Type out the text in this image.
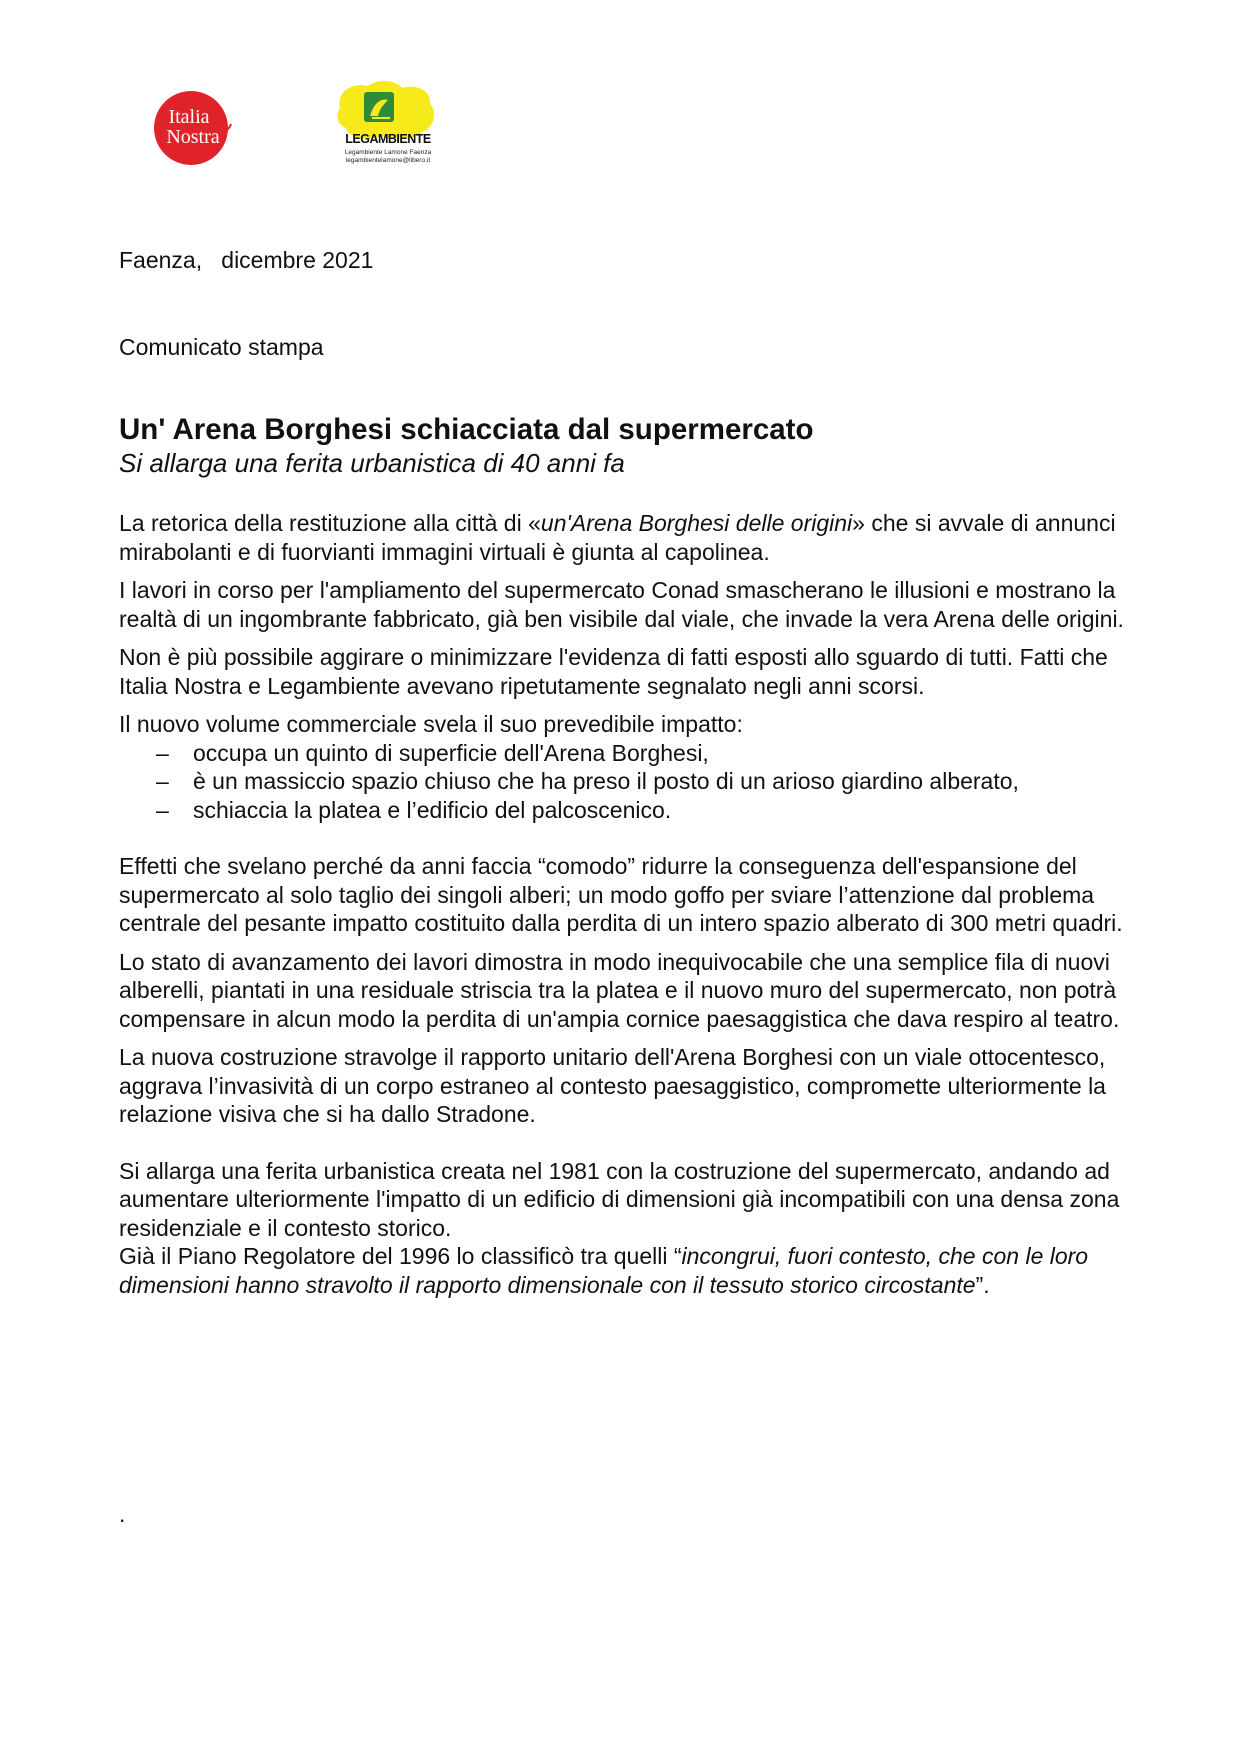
Italia
Nostra	LEGAMBIENTE
Legambiente Lamone Faenza
legambientelamone@libero.it
Faenza, dicembre 2021
Comunicato stampa
Un' Arena Borghesi schiacciata dal supermercato
Si allarga una ferita urbanistica di 40 anni fa

La retorica della restituzione alla città di «un'Arena Borghesi delle origini» che si avvale di annunci mirabolanti e di fuorvianti immagini virtuali è giunta al capolinea.

I lavori in corso per l'ampliamento del supermercato Conad smascherano le illusioni e mostrano la realtà di un ingombrante fabbricato, già ben visibile dal viale, che invade la vera Arena delle origini.

Non è più possibile aggirare o minimizzare l'evidenza di fatti esposti allo sguardo di tutti. Fatti che Italia Nostra e Legambiente avevano ripetutamente segnalato negli anni scorsi.

Il nuovo volume commerciale svela il suo prevedibile impatto:

– occupa un quinto di superficie dell'Arena Borghesi,
– è un massiccio spazio chiuso che ha preso il posto di un arioso giardino alberato,
– schiaccia la platea e l’edificio del palcoscenico.

Effetti che svelano perché da anni faccia “comodo” ridurre la conseguenza dell'espansione del supermercato al solo taglio dei singoli alberi; un modo goffo per sviare l’attenzione dal problema centrale del pesante impatto costituito dalla perdita di un intero spazio alberato di 300 metri quadri.

Lo stato di avanzamento dei lavori dimostra in modo inequivocabile che una semplice fila di nuovi alberelli, piantati in una residuale striscia tra la platea e il nuovo muro del supermercato, non potrà compensare in alcun modo la perdita di un'ampia cornice paesaggistica che dava respiro al teatro.

La nuova costruzione stravolge il rapporto unitario dell'Arena Borghesi con un viale ottocentesco, aggrava l’invasività di un corpo estraneo al contesto paesaggistico, compromette ulteriormente la relazione visiva che si ha dallo Stradone.

Si allarga una ferita urbanistica creata nel 1981 con la costruzione del supermercato, andando ad aumentare ulteriormente l'impatto di un edificio di dimensioni già incompatibili con una densa zona residenziale e il contesto storico.

Già il Piano Regolatore del 1996 lo classificò tra quelli “incongrui, fuori contesto, che con le loro dimensioni hanno stravolto il rapporto dimensionale con il tessuto storico circostante”.

.
